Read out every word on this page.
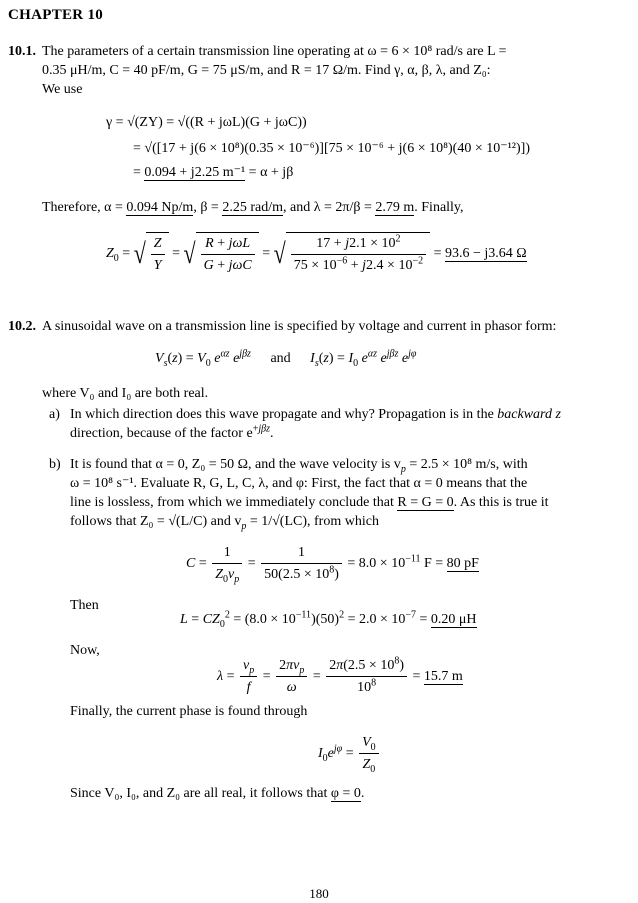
CHAPTER 10
10.1. The parameters of a certain transmission line operating at ω = 6 × 10⁸ rad/s are L =
0.35 μH/m, C = 40 pF/m, G = 75 μS/m, and R = 17 Ω/m. Find γ, α, β, λ, and Z₀:
We use
γ = √(ZY) = √((R + jωL)(G + jωC))
= √([17 + j(6 × 10⁸)(0.35 × 10⁻⁶)][75 × 10⁻⁶ + j(6 × 10⁸)(40 × 10⁻¹²)])
= 0.094 + j2.25 m⁻¹ = α + jβ
Therefore, α = 0.094 Np/m, β = 2.25 rad/m, and λ = 2π/β = 2.79 m. Finally,
$Z_0$ = √ $\frac{Z}{Y}$ = √ $\frac{\text{R + jωL}}{\text{G + jωC}}$ = √ $\frac{17 + j2.1 \times 10^2}{75 \times 10^{-6} + j2.4 \times 10^{-2}} = 93.6 - j3.64$ Ω
10.2. A sinusoidal wave on a transmission line is specified by voltage and current in phasor form:
$V_s(z) = V_0$ $e^{\alpha z}$ $e^{j\beta z}$ and $I_s(z) = I_0$ $e^{\alpha z}$ $e^{j\beta z}$ $e^{j\varphi}$
where V₀ and I₀ are both real.
a) In which direction does this wave propagate and why? Propagation is in the backward z
direction, because of the factor $e^{+j\beta z}$.
b) It is found that α = 0, Z₀ = 50 Ω, and the wave velocity is $v_p = 2.5 \times 10^8$ m/s, with
ω = 10⁸ s⁻¹. Evaluate R, G, L, C, λ, and φ: First, the fact that α = 0 means that the
line is lossless, from which we immediately conclude that R = G = 0. As this is true it
follows that Z₀ = √(L/C) and $v_p = 1/√(LC)$, from which
$C = \frac{1}{Z_0v_p} = \frac{1}{50(2.5 \times 10^8)} = 8.0 \times 10^{-11}$ F = 80 pF
Then
$L = CZ_0^2 = (8.0 \times 10^{-11})(50)^2 = 2.0 \times 10^{-7} = 0.20$ μH
Now,
$\lambda = \frac{v_p}{f} = \frac{2\pi v_p}{\omega} = \frac{2\pi(2.5 \times 10^8)}{10^8} = 15.7$ m
Finally, the current phase is found through
$I_0e^{j\varphi} = \frac{V_0}{Z_0}$
Since V₀, I₀, and Z₀ are all real, it follows that φ = 0.
180
